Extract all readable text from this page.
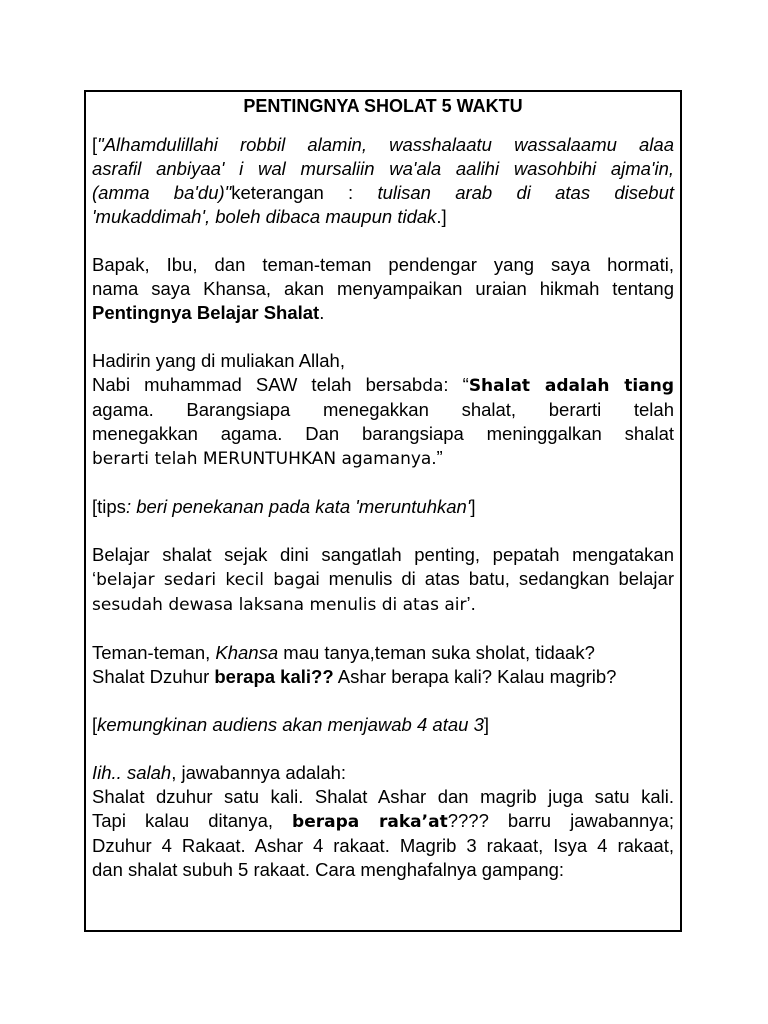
PENTINGNYA SHOLAT 5 WAKTU
["Alhamdulillahi robbil alamin, wasshalaatu wassalaamu alaa
asrafil anbiyaa' i wal mursaliin wa'ala aalihi wasohbihi ajma'in,
(amma ba'du)"keterangan : tulisan arab di atas disebut
'mukaddimah', boleh dibaca maupun tidak.]
Bapak, Ibu, dan teman-teman pendengar yang saya hormati,
nama saya Khansa, akan menyampaikan uraian hikmah tentang
Pentingnya Belajar Shalat.
Hadirin yang di muliakan Allah,
Nabi muhammad SAW telah bersabda: “Shalat adalah tiang
agama. Barangsiapa menegakkan shalat, berarti telah
menegakkan agama. Dan barangsiapa meninggalkan shalat
berarti telah MERUNTUHKAN agamanya.”
[tips: beri penekanan pada kata 'meruntuhkan']
Belajar shalat sejak dini sangatlah penting, pepatah mengatakan
‘belajar sedari kecil bagai menulis di atas batu, sedangkan belajar
sesudah dewasa laksana menulis di atas air’.
Teman-teman, Khansa mau tanya,teman suka sholat, tidaak?
Shalat Dzuhur berapa kali?? Ashar berapa kali? Kalau magrib?
[kemungkinan audiens akan menjawab 4 atau 3]
Iih.. salah, jawabannya adalah:
Shalat dzuhur satu kali. Shalat Ashar dan magrib juga satu kali.
Tapi kalau ditanya, berapa raka’at???? barru jawabannya;
Dzuhur 4 Rakaat. Ashar 4 rakaat. Magrib 3 rakaat, Isya 4 rakaat,
dan shalat subuh 5 rakaat. Cara menghafalnya gampang:
